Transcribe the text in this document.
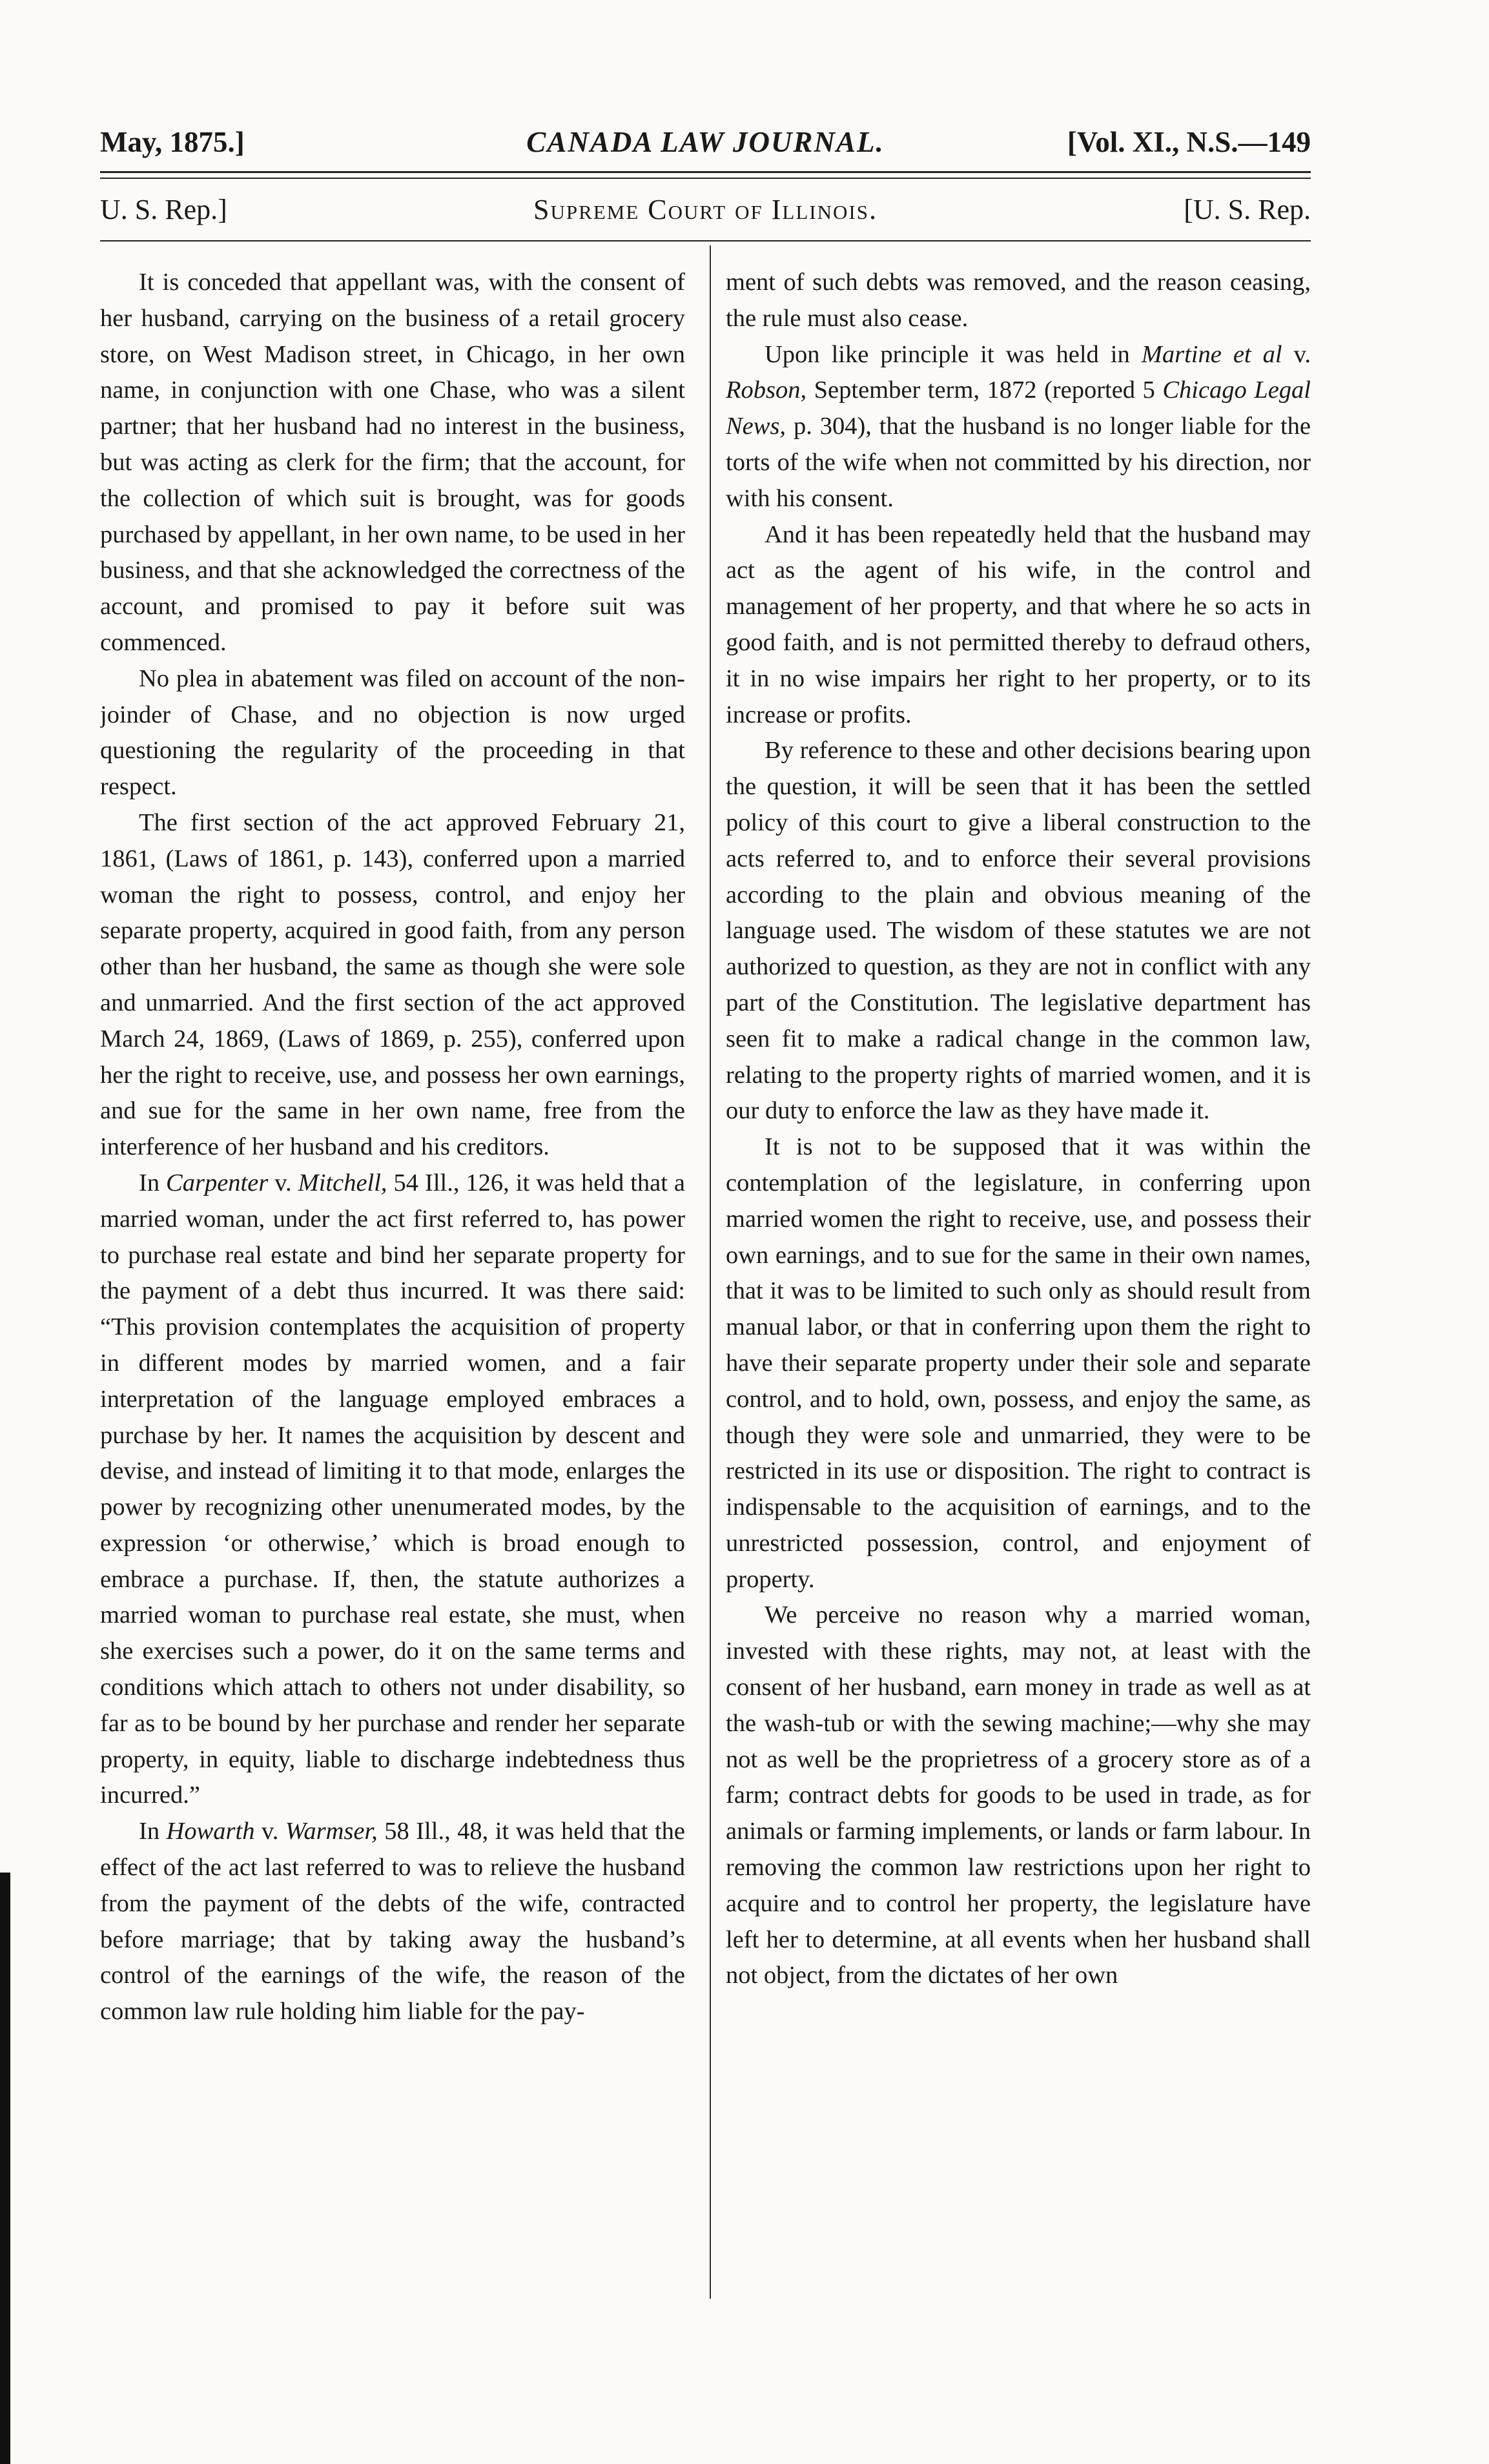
May, 1875.]	CANADA LAW JOURNAL.	[Vol. XI., N.S.—149
U. S. Rep.]	Supreme Court of Illinois.	[U. S. Rep.

It is conceded that appellant was, with the consent of her husband, carrying on the business of a retail grocery store, on West Madison street, in Chicago, in her own name, in conjunction with one Chase, who was a silent partner; that her husband had no interest in the business, but was acting as clerk for the firm; that the account, for the collection of which suit is brought, was for goods purchased by appellant, in her own name, to be used in her business, and that she acknowledged the correctness of the account, and promised to pay it before suit was commenced.

No plea in abatement was filed on account of the non-joinder of Chase, and no objection is now urged questioning the regularity of the proceeding in that respect.

The first section of the act approved February 21, 1861, (Laws of 1861, p. 143), conferred upon a married woman the right to possess, control, and enjoy her separate property, acquired in good faith, from any person other than her husband, the same as though she were sole and unmarried. And the first section of the act approved March 24, 1869, (Laws of 1869, p. 255), conferred upon her the right to receive, use, and possess her own earnings, and sue for the same in her own name, free from the interference of her husband and his creditors.

In Carpenter v. Mitchell, 54 Ill., 126, it was held that a married woman, under the act first referred to, has power to purchase real estate and bind her separate property for the payment of a debt thus incurred. It was there said: “This provision contemplates the acquisition of property in different modes by married women, and a fair interpretation of the language employed embraces a purchase by her. It names the acquisition by descent and devise, and instead of limiting it to that mode, enlarges the power by recognizing other unenumerated modes, by the expression ‘or otherwise,’ which is broad enough to embrace a purchase. If, then, the statute authorizes a married woman to purchase real estate, she must, when she exercises such a power, do it on the same terms and conditions which attach to others not under disability, so far as to be bound by her purchase and render her separate property, in equity, liable to discharge indebtedness thus incurred.”

In Howarth v. Warmser, 58 Ill., 48, it was held that the effect of the act last referred to was to relieve the husband from the payment of the debts of the wife, contracted before marriage; that by taking away the husband’s control of the earnings of the wife, the reason of the common law rule holding him liable for the pay-

ment of such debts was removed, and the reason ceasing, the rule must also cease.

Upon like principle it was held in Martine et al v. Robson, September term, 1872 (reported 5 Chicago Legal News, p. 304), that the husband is no longer liable for the torts of the wife when not committed by his direction, nor with his consent.

And it has been repeatedly held that the husband may act as the agent of his wife, in the control and management of her property, and that where he so acts in good faith, and is not permitted thereby to defraud others, it in no wise impairs her right to her property, or to its increase or profits.

By reference to these and other decisions bearing upon the question, it will be seen that it has been the settled policy of this court to give a liberal construction to the acts referred to, and to enforce their several provisions according to the plain and obvious meaning of the language used. The wisdom of these statutes we are not authorized to question, as they are not in conflict with any part of the Constitution. The legislative department has seen fit to make a radical change in the common law, relating to the property rights of married women, and it is our duty to enforce the law as they have made it.

It is not to be supposed that it was within the contemplation of the legislature, in conferring upon married women the right to receive, use, and possess their own earnings, and to sue for the same in their own names, that it was to be limited to such only as should result from manual labor, or that in conferring upon them the right to have their separate property under their sole and separate control, and to hold, own, possess, and enjoy the same, as though they were sole and unmarried, they were to be restricted in its use or disposition. The right to contract is indispensable to the acquisition of earnings, and to the unrestricted possession, control, and enjoyment of property.

We perceive no reason why a married woman, invested with these rights, may not, at least with the consent of her husband, earn money in trade as well as at the wash-tub or with the sewing machine;—why she may not as well be the proprietress of a grocery store as of a farm; contract debts for goods to be used in trade, as for animals or farming implements, or lands or farm labour. In removing the common law restrictions upon her right to acquire and to control her property, the legislature have left her to determine, at all events when her husband shall not object, from the dictates of her own
